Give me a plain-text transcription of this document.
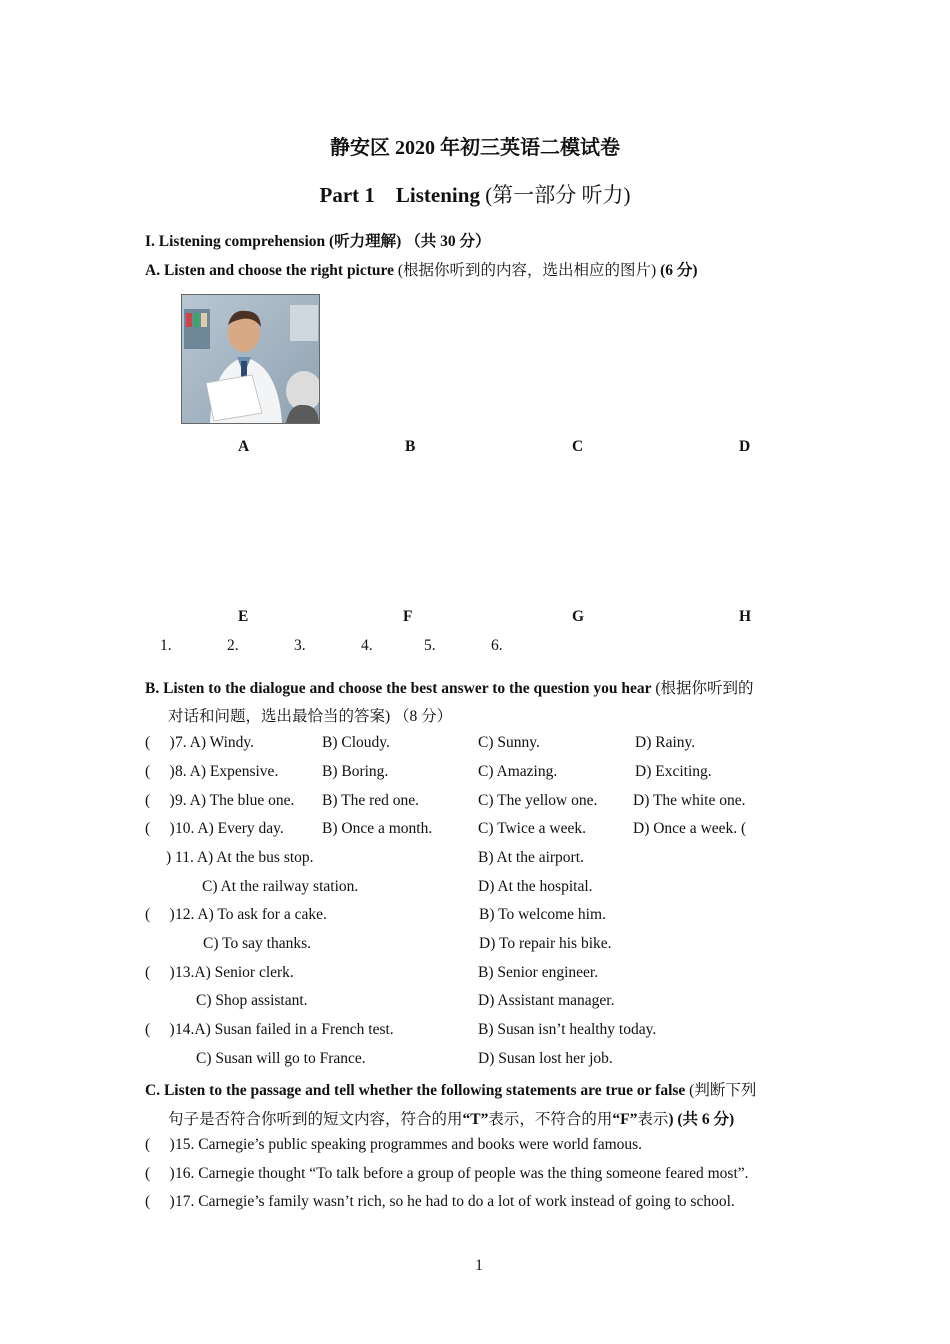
静安区 2020 年初三英语二模试卷
Part 1    Listening (第一部分 听力)
I. Listening comprehension (听力理解) （共 30 分）
A. Listen and choose the right picture (根据你听到的内容，选出相应的图片) (6 分)
A	B	C	D
E	F	G	H
1.	2.	3.	4.	5.	6.
B. Listen to the dialogue and choose the best answer to the question you hear (根据你听到的
对话和问题，选出最恰当的答案) （8 分）
(     ) 7. A) Windy.	B) Cloudy.	C) Sunny.	D) Rainy.
(     ) 8. A) Expensive.	B) Boring.	C) Amazing.	D) Exciting.
(     ) 9. A) The blue one. B) The red one.	C) The yellow one. D) The white one.
(     ) 10. A) Every day. B) Once a month.	C) Twice a week.	D) Once a week. (
) 11. A) At the bus stop.	B) At the airport.
C) At the railway station.	D) At the hospital.
(     ) 12. A) To ask for a cake.	B) To welcome him.
C) To say thanks.	D) To repair his bike.
(     ) 13.A) Senior clerk.	B) Senior engineer.
C) Shop assistant.	D) Assistant manager.
(     ) 14.A) Susan failed in a French test.	B) Susan isn’t healthy today.
C) Susan will go to France.	D) Susan lost her job.
C. Listen to the passage and tell whether the following statements are true or false (判断下列
句子是否符合你听到的短文内容，符合的用“T”表示，不符合的用“F”表示) (共 6 分)
(     ) 15. Carnegie’s public speaking programmes and books were world famous.
(     ) 16. Carnegie thought “To talk before a group of people was the thing someone feared most”.
(     ) 17. Carnegie’s family wasn’t rich, so he had to do a lot of work instead of going to school.
1
